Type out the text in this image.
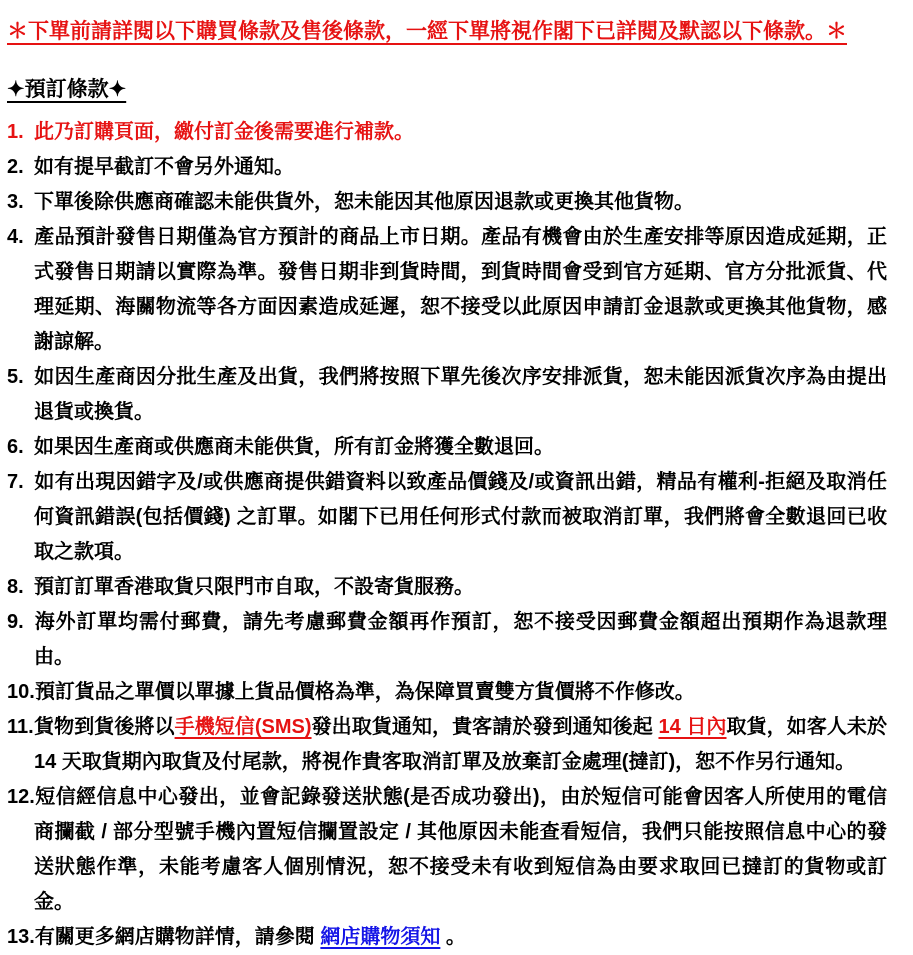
＊下單前請詳閱以下購買條款及售後條款，一經下單將視作閣下已詳閱及默認以下條款。＊
✦預訂條款✦
1. 此乃訂購頁面，繳付訂金後需要進行補款。
2. 如有提早截訂不會另外通知。
3. 下單後除供應商確認未能供貨外，恕未能因其他原因退款或更換其他貨物。
4. 產品預計發售日期僅為官方預計的商品上市日期。產品有機會由於生產安排等原因造成延期，正式發售日期請以實際為準。發售日期非到貨時間，到貨時間會受到官方延期、官方分批派貨、代理延期、海關物流等各方面因素造成延遲，恕不接受以此原因申請訂金退款或更換其他貨物，感謝諒解。
5. 如因生產商因分批生產及出貨，我們將按照下單先後次序安排派貨，恕未能因派貨次序為由提出退貨或換貨。
6. 如果因生產商或供應商未能供貨，所有訂金將獲全數退回。
7. 如有出現因錯字及/或供應商提供錯資料以致產品價錢及/或資訊出錯，精品有權利-拒絕及取消任何資訊錯誤(包括價錢) 之訂單。如閣下已用任何形式付款而被取消訂單，我們將會全數退回已收取之款項。
8. 預訂訂單香港取貨只限門市自取，不設寄貨服務。
9. 海外訂單均需付郵費，請先考慮郵費金額再作預訂，恕不接受因郵費金額超出預期作為退款理由。
10.預訂貨品之單價以單據上貨品價格為準，為保障買賣雙方貨價將不作修改。
11.貨物到貨後將以手機短信(SMS)發出取貨通知，貴客請於發到通知後起 14 日內取貨，如客人未於 14 天取貨期內取貨及付尾款，將視作貴客取消訂單及放棄訂金處理(撻訂)，恕不作另行通知。
12.短信經信息中心發出，並會記錄發送狀態(是否成功發出)，由於短信可能會因客人所使用的電信商攔截 / 部分型號手機內置短信攔置設定 / 其他原因未能查看短信，我們只能按照信息中心的發送狀態作準，未能考慮客人個別情況，恕不接受未有收到短信為由要求取回已撻訂的貨物或訂金。
13.有關更多網店購物詳情，請參閱 網店購物須知 。
